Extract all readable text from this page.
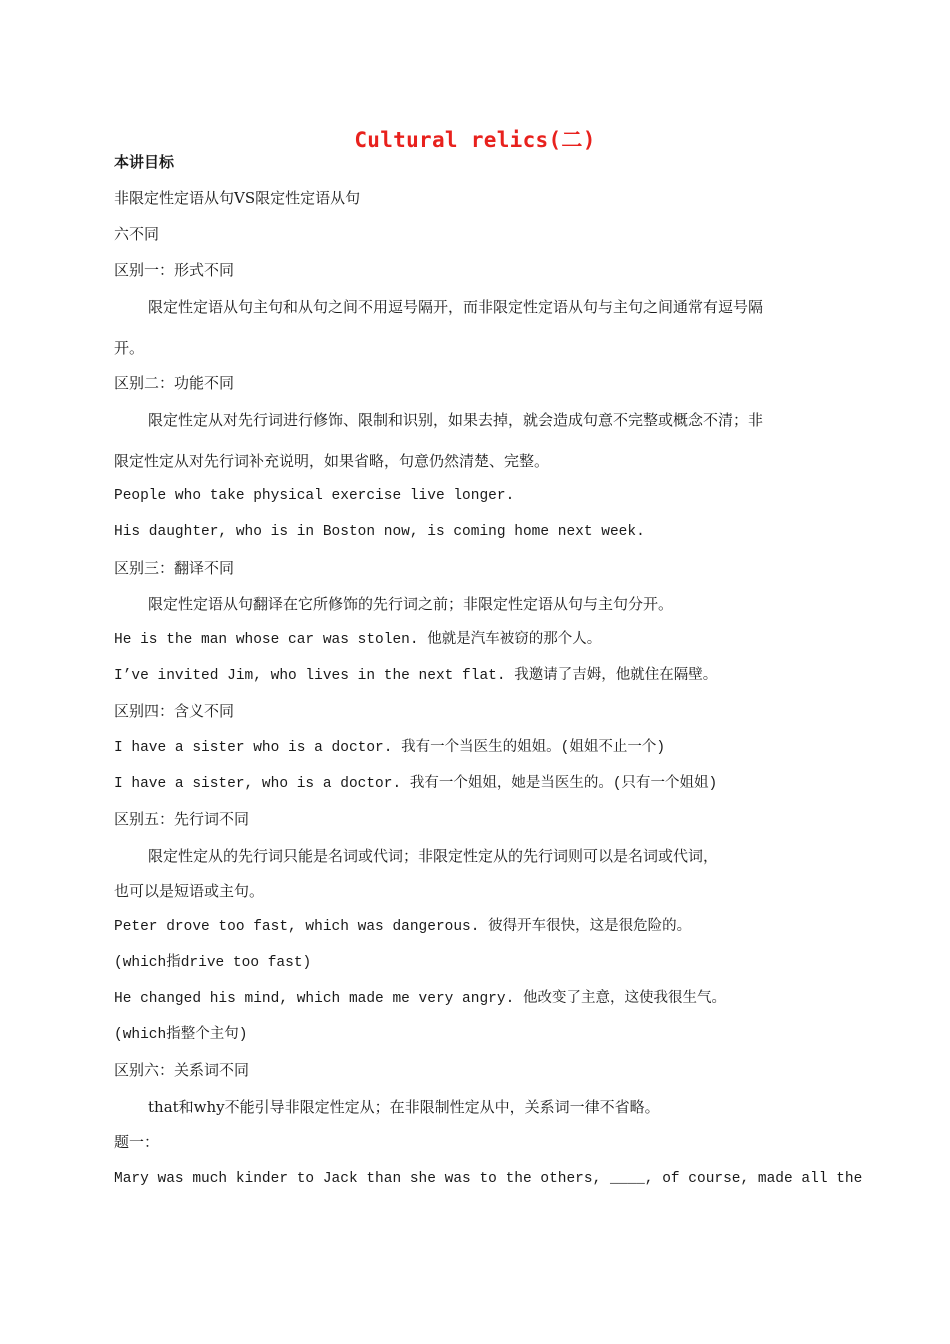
Cultural relics(二)
本讲目标
非限定性定语从句VS限定性定语从句
六不同
区别一：形式不同
限定性定语从句主句和从句之间不用逗号隔开，而非限定性定语从句与主句之间通常有逗号隔
开。
区别二：功能不同
限定性定从对先行词进行修饰、限制和识别，如果去掉，就会造成句意不完整或概念不清；非
限定性定从对先行词补充说明，如果省略，句意仍然清楚、完整。
People who take physical exercise live longer.
His daughter, who is in Boston now, is coming home next week.
区别三：翻译不同
限定性定语从句翻译在它所修饰的先行词之前；非限定性定语从句与主句分开。
He is the man whose car was stolen. 他就是汽车被窃的那个人。
I’ve invited Jim, who lives in the next flat. 我邀请了吉姆，他就住在隔壁。
区别四：含义不同
I have a sister who is a doctor. 我有一个当医生的姐姐。(姐姐不止一个)
I have a sister, who is a doctor. 我有一个姐姐，她是当医生的。(只有一个姐姐)
区别五：先行词不同
限定性定从的先行词只能是名词或代词；非限定性定从的先行词则可以是名词或代词，
也可以是短语或主句。
Peter drove too fast, which was dangerous. 彼得开车很快，这是很危险的。
(which指drive too fast)
He changed his mind, which made me very angry. 他改变了主意，这使我很生气。
(which指整个主句)
区别六：关系词不同
that和why不能引导非限定性定从；在非限制性定从中，关系词一律不省略。
题一：
Mary was much kinder to Jack than she was to the others, ____, of course, made all the
